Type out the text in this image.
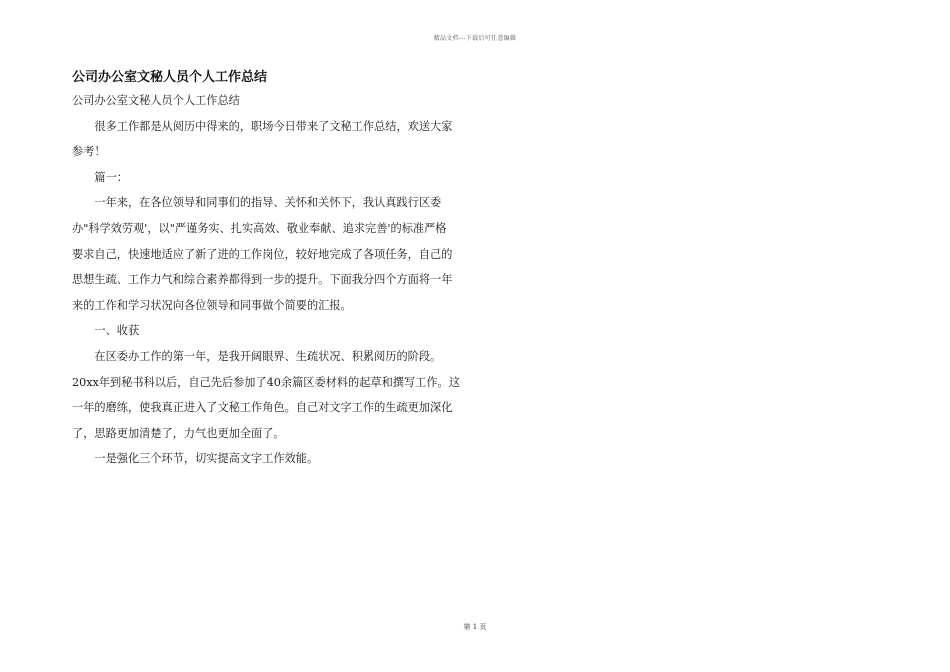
精品文档---下载后可任意编辑
公司办公室文秘人员个人工作总结

公司办公室文秘人员个人工作总结

　　很多工作都是从阅历中得来的，职场今日带来了文秘工作总结，欢送大家

参考！

　　篇一：

　　一年来，在各位领导和同事们的指导、关怀和关怀下，我认真践行区委

办"科学效劳观'，以"严谨务实、扎实高效、敬业奉献、追求完善'的标准严格

要求自己，快速地适应了新了进的工作岗位，较好地完成了各项任务，自己的

思想生疏、工作力气和综合素养都得到一步的提升。下面我分四个方面将一年

来的工作和学习状况向各位领导和同事做个简要的汇报。

　　一、收获

　　在区委办工作的第一年，是我开阔眼界、生疏状况、积累阅历的阶段。

20xx年到秘书科以后，自己先后参加了40余篇区委材料的起草和撰写工作。这

一年的磨练，使我真正进入了文秘工作角色。自己对文字工作的生疏更加深化

了，思路更加清楚了，力气也更加全面了。

　　一是强化三个环节，切实提高文字工作效能。

第 1 页
